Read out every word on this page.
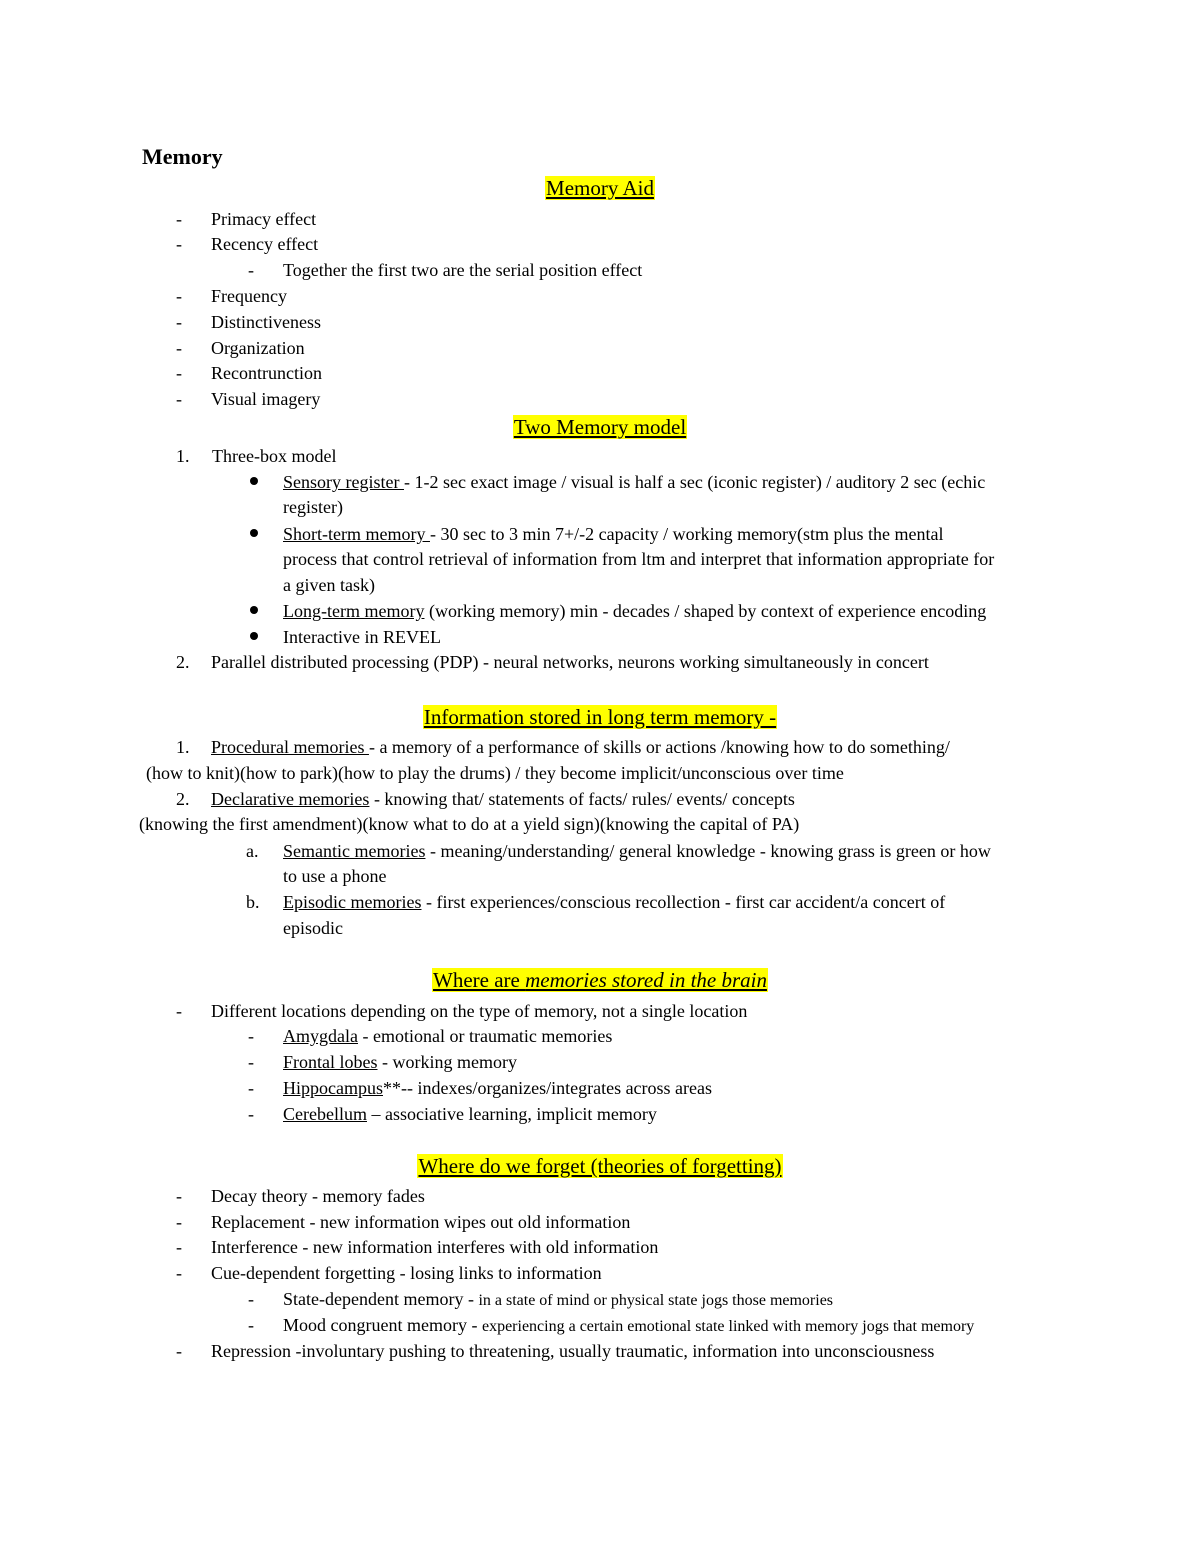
Memory
Memory Aid
- Primacy effect
- Recency effect
- Together the first two are the serial position effect
- Frequency
- Distinctiveness
- Organization
- Recontrunction
- Visual imagery
Two Memory model
1. Three-box model
Sensory register - 1-2 sec exact image / visual is half a sec (iconic register) / auditory 2 sec (echic
register)
Short-term memory - 30 sec to 3 min 7+/-2 capacity / working memory(stm plus the mental
process that control retrieval of information from ltm and interpret that information appropriate for
a given task)
Long-term memory (working memory) min - decades / shaped by context of experience encoding
Interactive in REVEL
2. Parallel distributed processing (PDP) - neural networks, neurons working simultaneously in concert
Information stored in long term memory -
1. Procedural memories - a memory of a performance of skills or actions /knowing how to do something/
(how to knit)(how to park)(how to play the drums) / they become implicit/unconscious over time
2. Declarative memories - knowing that/ statements of facts/ rules/ events/ concepts
(knowing the first amendment)(know what to do at a yield sign)(knowing the capital of PA)
a. Semantic memories - meaning/understanding/ general knowledge - knowing grass is green or how
to use a phone
b. Episodic memories - first experiences/conscious recollection - first car accident/a concert of
episodic
Where are memories stored in the brain
- Different locations depending on the type of memory, not a single location
- Amygdala - emotional or traumatic memories
- Frontal lobes - working memory
- Hippocampus**-- indexes/organizes/integrates across areas
- Cerebellum – associative learning, implicit memory
Where do we forget (theories of forgetting)
- Decay theory - memory fades
- Replacement - new information wipes out old information
- Interference - new information interferes with old information
- Cue-dependent forgetting - losing links to information
- State-dependent memory - in a state of mind or physical state jogs those memories
- Mood congruent memory - experiencing a certain emotional state linked with memory jogs that memory
- Repression -involuntary pushing to threatening, usually traumatic, information into unconsciousness
